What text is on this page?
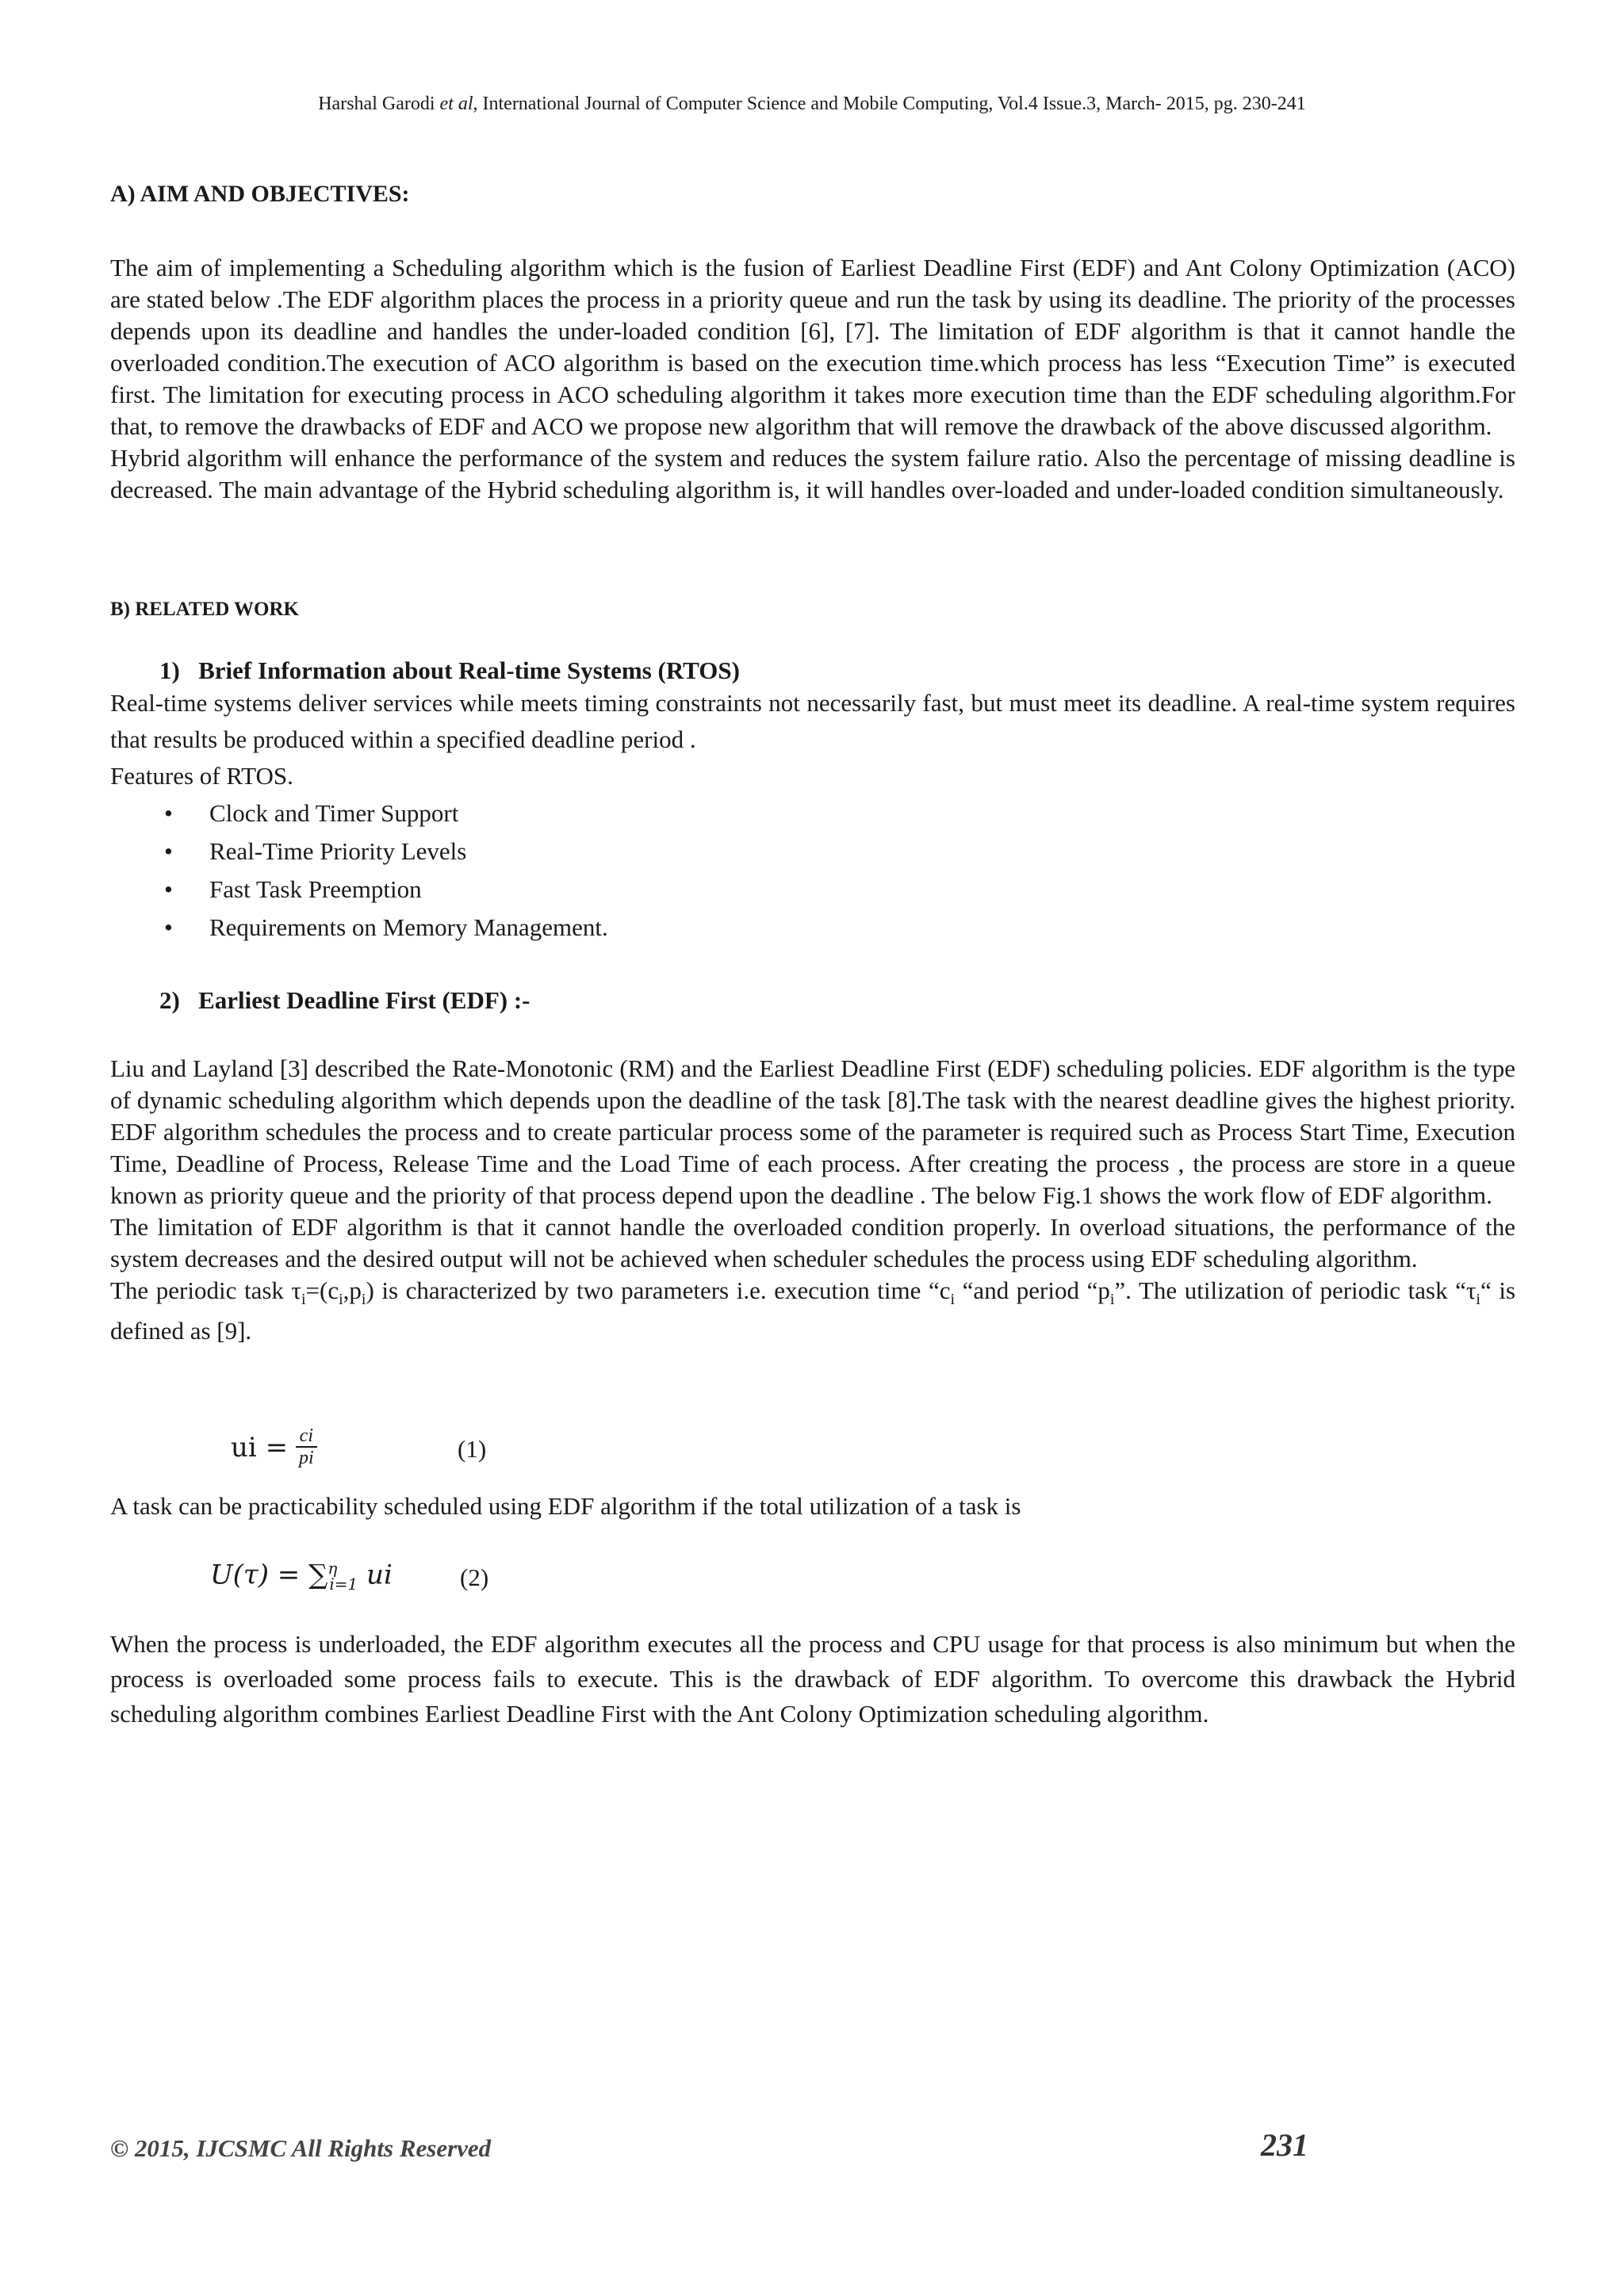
Harshal Garodi et al, International Journal of Computer Science and Mobile Computing, Vol.4 Issue.3, March- 2015, pg. 230-241

A) AIM AND OBJECTIVES:

The aim of implementing a Scheduling algorithm which is the fusion of Earliest Deadline First (EDF) and Ant Colony Optimization (ACO) are stated below .The EDF algorithm places the process in a priority queue and run the task by using its deadline. The priority of the processes depends upon its deadline and handles the under-loaded condition [6], [7]. The limitation of EDF algorithm is that it cannot handle the overloaded condition.The execution of ACO algorithm is based on the execution time.which process has less “Execution Time” is executed first. The limitation for executing process in ACO scheduling algorithm it takes more execution time than the EDF scheduling algorithm.For that, to remove the drawbacks of EDF and ACO we propose new algorithm that will remove the drawback of the above discussed algorithm.

Hybrid algorithm will enhance the performance of the system and reduces the system failure ratio. Also the percentage of missing deadline is decreased. The main advantage of the Hybrid scheduling algorithm is, it will handles over-loaded and under-loaded condition simultaneously.

B) RELATED WORK

1) Brief Information about Real-time Systems (RTOS)

Real-time systems deliver services while meets timing constraints not necessarily fast, but must meet its deadline. A real-time system requires that results be produced within a specified deadline period .

Features of RTOS.

• Clock and Timer Support
• Real-Time Priority Levels
• Fast Task Preemption
• Requirements on Memory Management.

2) Earliest Deadline First (EDF) :-

Liu and Layland [3] described the Rate-Monotonic (RM) and the Earliest Deadline First (EDF) scheduling policies. EDF algorithm is the type of dynamic scheduling algorithm which depends upon the deadline of the task [8].The task with the nearest deadline gives the highest priority. EDF algorithm schedules the process and to create particular process some of the parameter is required such as Process Start Time, Execution Time, Deadline of Process, Release Time and the Load Time of each process. After creating the process , the process are store in a queue known as priority queue and the priority of that process depend upon the deadline . The below Fig.1 shows the work flow of EDF algorithm.

The limitation of EDF algorithm is that it cannot handle the overloaded condition properly. In overload situations, the performance of the system decreases and the desired output will not be achieved when scheduler schedules the process using EDF scheduling algorithm.

The periodic task $\tau_i=(c_i,p_i)$ is characterized by two parameters i.e. execution time “$c_i$ “and period “$p_i$”. The utilization of periodic task “$\tau_i“$ is defined as [9].

ui = $\frac{ci}{pi}$	(1)

A task can be practicability scheduled using EDF algorithm if the total utilization of a task is

U(τ) = ∑$^\eta_{i=1}$ ui	(2)

When the process is underloaded, the EDF algorithm executes all the process and CPU usage for that process is also minimum but when the process is overloaded some process fails to execute. This is the drawback of EDF algorithm. To overcome this drawback the Hybrid scheduling algorithm combines Earliest Deadline First with the Ant Colony Optimization scheduling algorithm.

© 2015, IJCSMC All Rights Reserved	231
